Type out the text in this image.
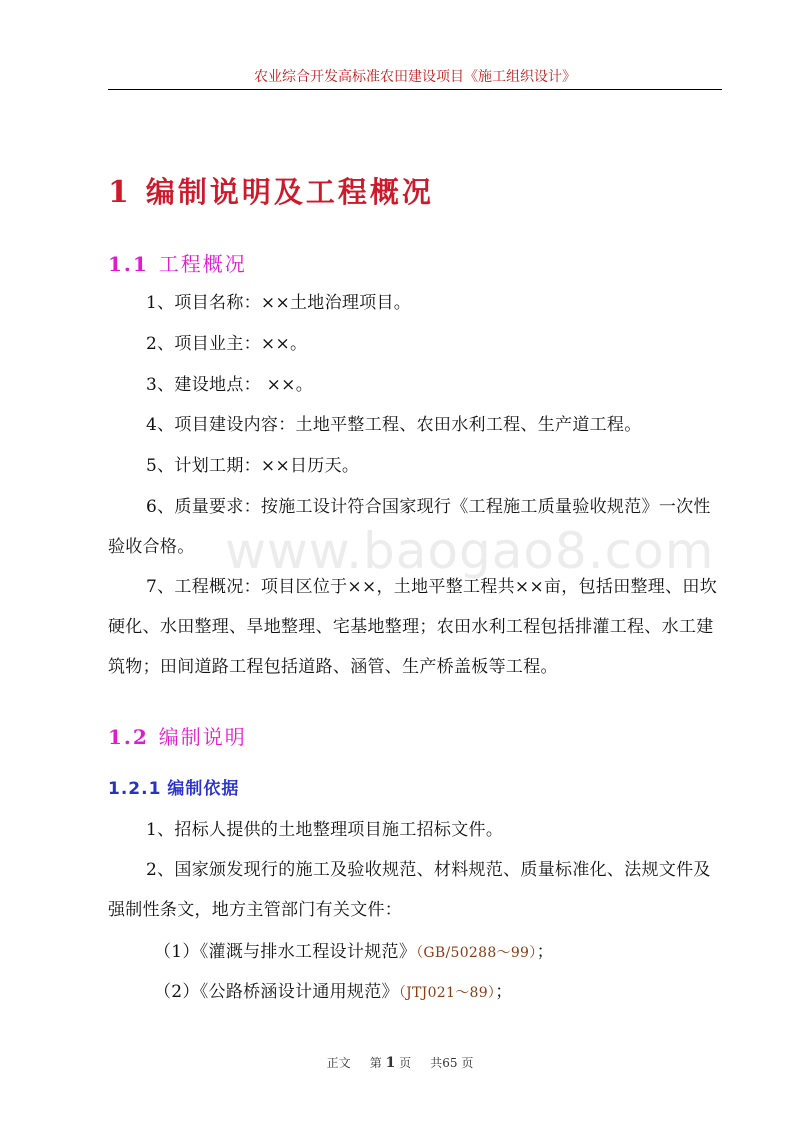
农业综合开发高标准农田建设项目《施工组织设计》
www.baogao8.com
1 编制说明及工程概况
1.1 工程概况
1、项目名称：××土地治理项目。
2、项目业主：××。
3、建设地点： ××。
4、项目建设内容：土地平整工程、农田水利工程、生产道工程。
5、计划工期：××日历天。
6、质量要求：按施工设计符合国家现行《工程施工质量验收规范》一次性验收合格。
7、工程概况：项目区位于××，土地平整工程共××亩，包括田整理、田坎硬化、水田整理、旱地整理、宅基地整理；农田水利工程包括排灌工程、水工建筑物；田间道路工程包括道路、涵管、生产桥盖板等工程。
1.2 编制说明
1.2.1 编制依据
1、招标人提供的土地整理项目施工招标文件。
2、国家颁发现行的施工及验收规范、材料规范、质量标准化、法规文件及强制性条文，地方主管部门有关文件：
（1）《灌溉与排水工程设计规范》（GB/50288～99）；
（2）《公路桥涵设计通用规范》（JTJ021～89）；
正文 第 1 页 共65 页
